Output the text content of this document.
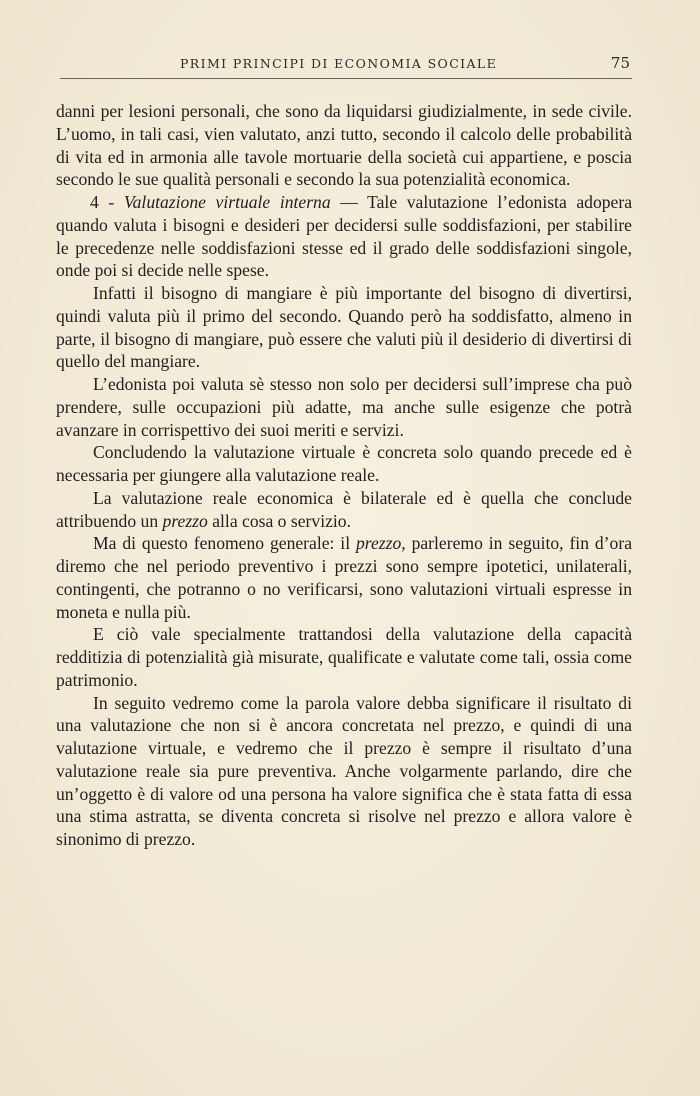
PRIMI PRINCIPI DI ECONOMIA SOCIALE	75

danni per lesioni personali, che sono da liquidarsi giudizialmente, in sede civile. L’uomo, in tali casi, vien valutato, anzi tutto, secondo il calcolo delle probabilità di vita ed in armonia alle tavole mortuarie della società cui appartiene, e poscia secondo le sue qualità personali e secondo la sua potenzialità economica.

4 - Valutazione virtuale interna — Tale valutazione l’edonista adopera quando valuta i bisogni e desideri per decidersi sulle soddisfazioni, per stabilire le precedenze nelle soddisfazioni stesse ed il grado delle soddisfazioni singole, onde poi si decide nelle spese.

Infatti il bisogno di mangiare è più importante del bisogno di divertirsi, quindi valuta più il primo del secondo. Quando però ha soddisfatto, almeno in parte, il bisogno di mangiare, può essere che valuti più il desiderio di divertirsi di quello del mangiare.

L’edonista poi valuta sè stesso non solo per decidersi sull’imprese cha può prendere, sulle occupazioni più adatte, ma anche sulle esigenze che potrà avanzare in corrispettivo dei suoi meriti e servizi.

Concludendo la valutazione virtuale è concreta solo quando precede ed è necessaria per giungere alla valutazione reale.

La valutazione reale economica è bilaterale ed è quella che conclude attribuendo un prezzo alla cosa o servizio.

Ma di questo fenomeno generale: il prezzo, parleremo in seguito, fin d’ora diremo che nel periodo preventivo i prezzi sono sempre ipotetici, unilaterali, contingenti, che potranno o no verificarsi, sono valutazioni virtuali espresse in moneta e nulla più.

E ciò vale specialmente trattandosi della valutazione della capacità redditizia di potenzialità già misurate, qualificate e valutate come tali, ossia come patrimonio.

In seguito vedremo come la parola valore debba significare il risultato di una valutazione che non si è ancora concretata nel prezzo, e quindi di una valutazione virtuale, e vedremo che il prezzo è sempre il risultato d’una valutazione reale sia pure preventiva. Anche volgarmente parlando, dire che un’oggetto è di valore od una persona ha valore significa che è stata fatta di essa una stima astratta, se diventa concreta si risolve nel prezzo e allora valore è sinonimo di prezzo.
